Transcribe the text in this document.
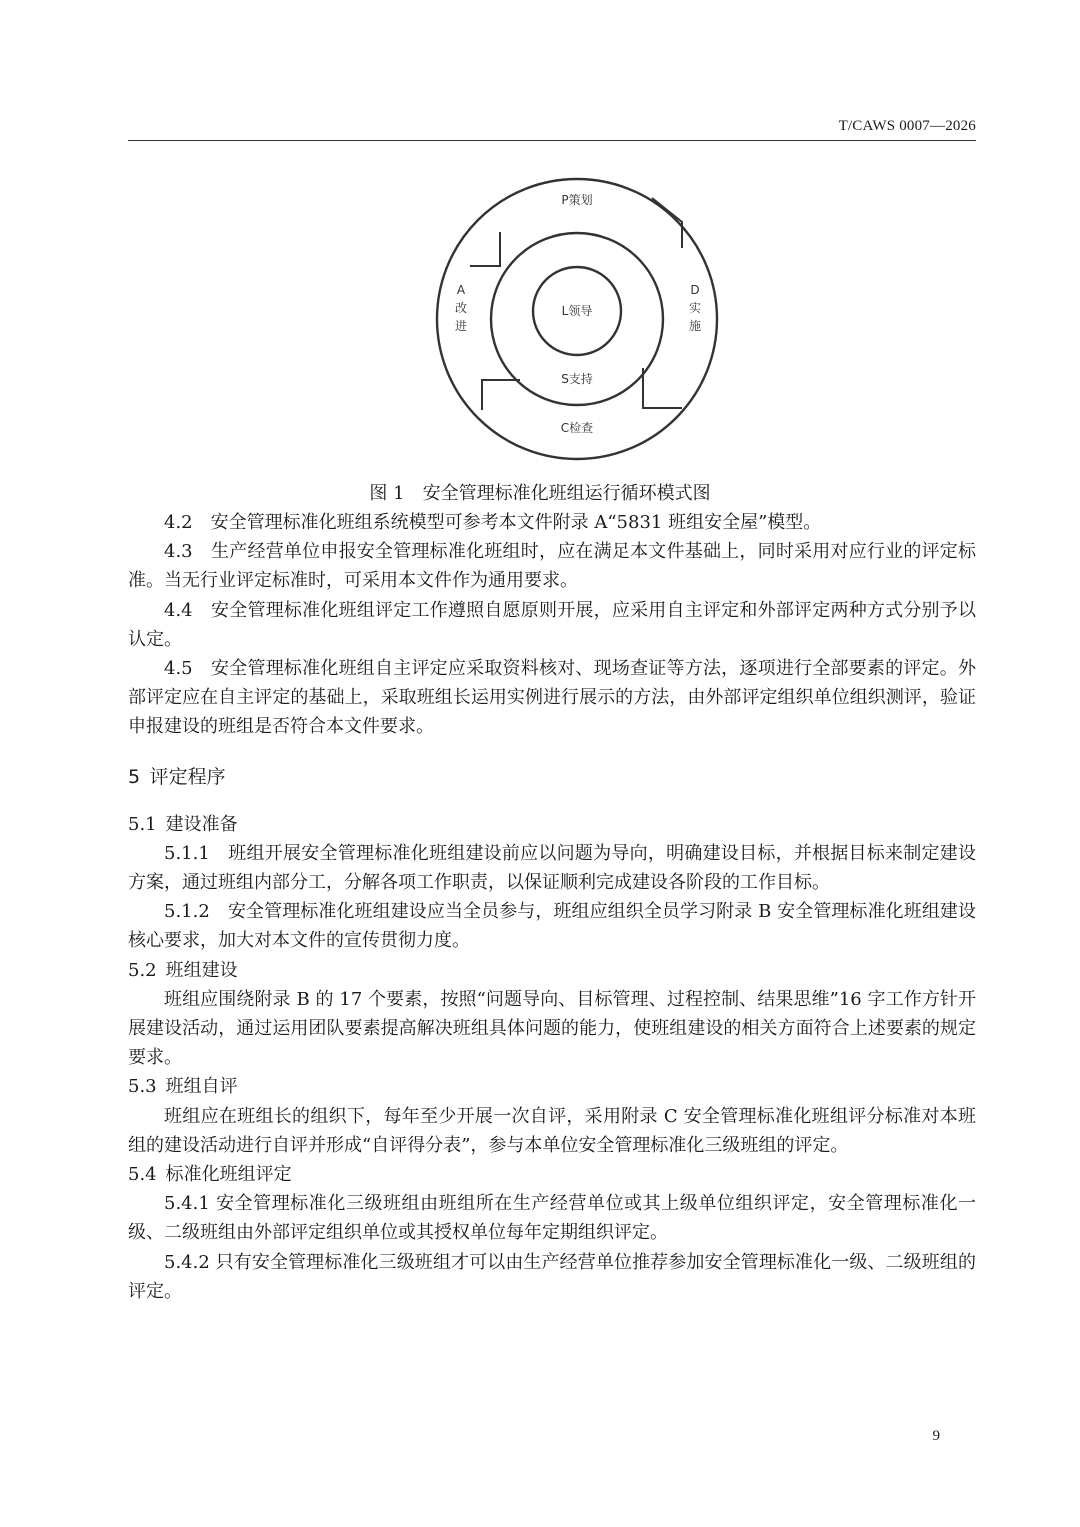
T/CAWS 0007—2026
P策划
D
实
施
A
改
进
L领导
S支持
C检查
图 1　安全管理标准化班组运行循环模式图

4.2　安全管理标准化班组系统模型可参考本文件附录 A“5831 班组安全屋”模型。

4.3　生产经营单位申报安全管理标准化班组时，应在满足本文件基础上，同时采用对应行业的评定标准。当无行业评定标准时，可采用本文件作为通用要求。

4.4　安全管理标准化班组评定工作遵照自愿原则开展，应采用自主评定和外部评定两种方式分别予以认定。

4.5　安全管理标准化班组自主评定应采取资料核对、现场查证等方法，逐项进行全部要素的评定。外部评定应在自主评定的基础上，采取班组长运用实例进行展示的方法，由外部评定组织单位组织测评，验证申报建设的班组是否符合本文件要求。

5 评定程序
5.1 建设准备

5.1.1　班组开展安全管理标准化班组建设前应以问题为导向，明确建设目标，并根据目标来制定建设方案，通过班组内部分工，分解各项工作职责，以保证顺利完成建设各阶段的工作目标。

5.1.2　安全管理标准化班组建设应当全员参与，班组应组织全员学习附录 B 安全管理标准化班组建设核心要求，加大对本文件的宣传贯彻力度。

5.2 班组建设

班组应围绕附录 B 的 17 个要素，按照“问题导向、目标管理、过程控制、结果思维”16 字工作方针开展建设活动，通过运用团队要素提高解决班组具体问题的能力，使班组建设的相关方面符合上述要素的规定要求。

5.3 班组自评

班组应在班组长的组织下，每年至少开展一次自评，采用附录 C 安全管理标准化班组评分标准对本班组的建设活动进行自评并形成“自评得分表”，参与本单位安全管理标准化三级班组的评定。

5.4 标准化班组评定

5.4.1 安全管理标准化三级班组由班组所在生产经营单位或其上级单位组织评定，安全管理标准化一级、二级班组由外部评定组织单位或其授权单位每年定期组织评定。

5.4.2 只有安全管理标准化三级班组才可以由生产经营单位推荐参加安全管理标准化一级、二级班组的评定。

9
